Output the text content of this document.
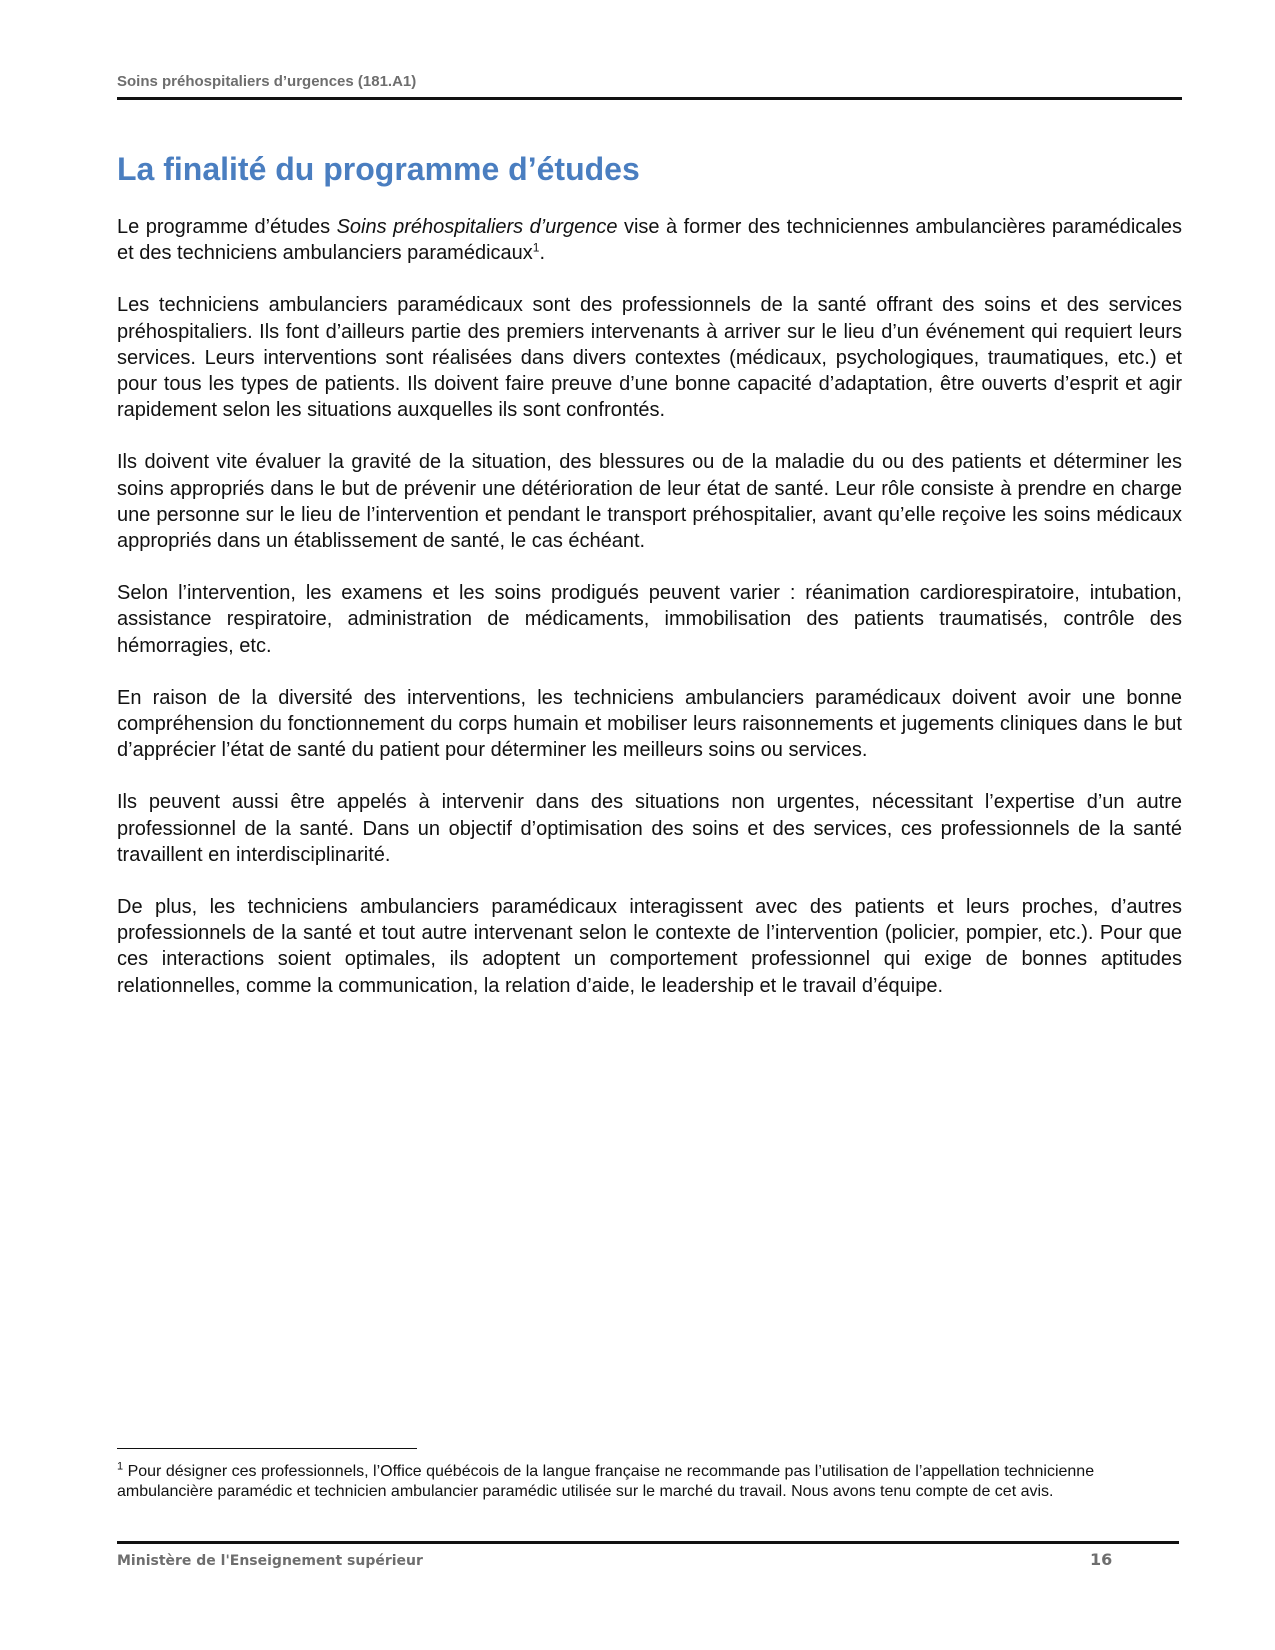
Soins préhospitaliers d’urgences (181.A1)
La finalité du programme d’études

Le programme d’études Soins préhospitaliers d’urgence vise à former des techniciennes ambulancières paramédicales et des techniciens ambulanciers paramédicaux$^1$.

Les techniciens ambulanciers paramédicaux sont des professionnels de la santé offrant des soins et des services préhospitaliers. Ils font d’ailleurs partie des premiers intervenants à arriver sur le lieu d’un événement qui requiert leurs services. Leurs interventions sont réalisées dans divers contextes (médicaux, psychologiques, traumatiques, etc.) et pour tous les types de patients. Ils doivent faire preuve d’une bonne capacité d’adaptation, être ouverts d’esprit et agir rapidement selon les situations auxquelles ils sont confrontés.

Ils doivent vite évaluer la gravité de la situation, des blessures ou de la maladie du ou des patients et déterminer les soins appropriés dans le but de prévenir une détérioration de leur état de santé. Leur rôle consiste à prendre en charge une personne sur le lieu de l’intervention et pendant le transport préhospitalier, avant qu’elle reçoive les soins médicaux appropriés dans un établissement de santé, le cas échéant.

Selon l’intervention, les examens et les soins prodigués peuvent varier : réanimation cardiorespiratoire, intubation, assistance respiratoire, administration de médicaments, immobilisation des patients traumatisés, contrôle des hémorragies, etc.

En raison de la diversité des interventions, les techniciens ambulanciers paramédicaux doivent avoir une bonne compréhension du fonctionnement du corps humain et mobiliser leurs raisonnements et jugements cliniques dans le but d’apprécier l’état de santé du patient pour déterminer les meilleurs soins ou services.

Ils peuvent aussi être appelés à intervenir dans des situations non urgentes, nécessitant l’expertise d’un autre professionnel de la santé. Dans un objectif d’optimisation des soins et des services, ces professionnels de la santé travaillent en interdisciplinarité.

De plus, les techniciens ambulanciers paramédicaux interagissent avec des patients et leurs proches, d’autres professionnels de la santé et tout autre intervenant selon le contexte de l’intervention (policier, pompier, etc.). Pour que ces interactions soient optimales, ils adoptent un comportement professionnel qui exige de bonnes aptitudes relationnelles, comme la communication, la relation d’aide, le leadership et le travail d’équipe.

$^1$ Pour désigner ces professionnels, l’Office québécois de la langue française ne recommande pas l’utilisation de l’appellation technicienne ambulancière paramédic et technicien ambulancier paramédic utilisée sur le marché du travail. Nous avons tenu compte de cet avis.
Ministère de l'Enseignement supérieur	16
